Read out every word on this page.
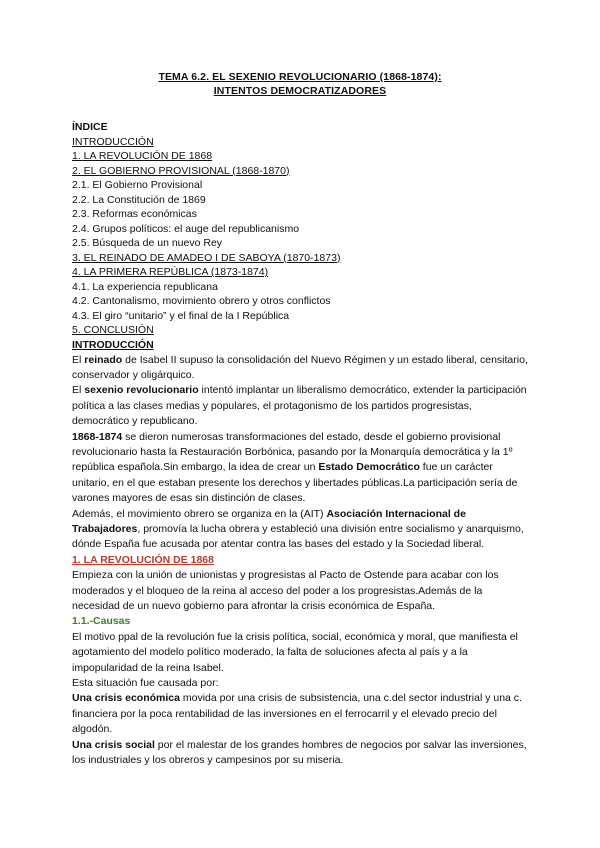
TEMA 6.2. EL SEXENIO REVOLUCIONARIO (1868-1874):
INTENTOS DEMOCRATIZADORES
ÍNDICE
INTRODUCCIÓN
1. LA REVOLUCIÓN DE 1868
2. EL GOBIERNO PROVISIONAL (1868-1870)
2.1. El Gobierno Provisional
2.2. La Constitución de 1869
2.3. Reformas económicas
2.4. Grupos políticos: el auge del republicanismo
2.5. Búsqueda de un nuevo Rey
3. EL REINADO DE AMADEO I DE SABOYA (1870-1873)
4. LA PRIMERA REPÚBLICA (1873-1874)
4.1. La experiencia republicana
4.2. Cantonalismo, movimiento obrero y otros conflictos
4.3. El giro “unitario” y el final de la I República
5. CONCLUSIÓN
INTRODUCCIÓN

El reinado de Isabel II supuso la consolidación del Nuevo Régimen y un estado liberal, censitario, conservador y oligárquico.

El sexenio revolucionario intentó implantar un liberalismo democrático, extender la participación política a las clases medias y populares, el protagonismo de los partidos progresistas, democrático y republicano.

1868-1874 se dieron numerosas transformaciones del estado, desde el gobierno provisional revolucionario hasta la Restauración Borbónica, pasando por la Monarquía democrática y la 1º república española.Sin embargo, la idea de crear un Estado Democrático fue un carácter unitario, en el que estaban presente los derechos y libertades públicas.La participación sería de varones mayores de esas sin distinción de clases.

Además, el movimiento obrero se organiza en la (AIT) Asociación Internacional de Trabajadores, promovía la lucha obrera y estableció una división entre socialismo y anarquismo, dónde España fue acusada por atentar contra las bases del estado y la Sociedad liberal.

1. LA REVOLUCIÓN DE 1868

Empieza con la unión de unionistas y progresistas al Pacto de Ostende para acabar con los moderados y el bloqueo de la reina al acceso del poder a los progresistas.Además de la necesidad de un nuevo gobierno para afrontar la crisis económica de España.

1.1.-Causas

El motivo ppal de la revolución fue la crisis política, social, económica y moral, que manifiesta el agotamiento del modelo político moderado, la falta de soluciones afecta al país y a la impopularidad de la reina Isabel.

Esta situación fue causada por:

Una crisis económica movida por una crisis de subsistencia, una c.del sector industrial y una c. financiera por la poca rentabilidad de las inversiones en el ferrocarril y el elevado precio del algodón.

Una crisis social por el malestar de los grandes hombres de negocios por salvar las inversiones, los industriales y los obreros y campesinos por su miseria.
